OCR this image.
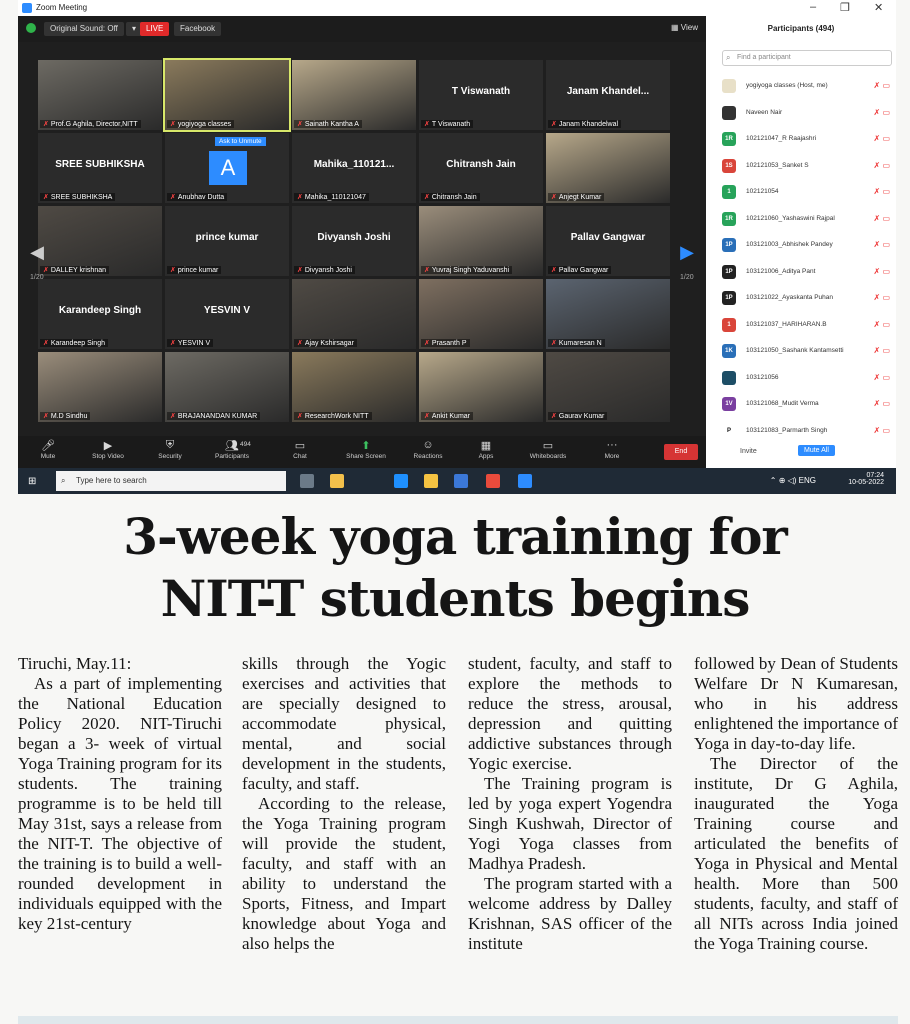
Zoom Meeting	– ❐ ✕
Original Sound: Off	▾	LIVE	Facebook	▦ View
✗ Prof.G Aghila, Director,NITT	✗ yogiyoga classes	✗ Sainath Kantha A
T Viswanath
✗ T Viswanath
Janam Khandel...
✗ Janam Khandelwal
SREE SUBHIKSHA
✗ SREE SUBHIKSHA
A
Ask to Unmute
✗ Anubhav Dutta
Mahika_110121...
✗ Mahika_110121047
Chitransh Jain
✗ Chitransh Jain	✗ Anjegt Kumar
✗ DALLEY krishnan
prince kumar
✗ prince kumar
Divyansh Joshi
✗ Divyansh Joshi	✗ Yuvraj Singh Yaduvanshi
Pallav Gangwar
✗ Pallav Gangwar
Karandeep Singh
✗ Karandeep Singh
YESVIN V
✗ YESVIN V	✗ Ajay Kshirsagar	✗ Prasanth P	✗ Kumaresan N
✗ M.D Sindhu	✗ BRAJANANDAN KUMAR	✗ ResearchWork NITT	✗ Ankit Kumar	✗ Gaurav Kumar
◀
1/20
▶
1/20
🎤︎
Mute
▶
Stop Video
⛨
Security
👥︎ 494
Participants
▭
Chat
⬆
Share Screen
☺
Reactions
▦
Apps
▭
Whiteboards
···
More
End
Participants (494)
⌕ Find a participant
yogiyoga classes (Host, me)	✗ ▭
Naveen Nair	✗ ▭
1R	102121047_R Raajashri	✗ ▭
1S	102121053_Sanket S	✗ ▭
1	102121054	✗ ▭
1R	102121060_Yashaswini Rajpal	✗ ▭
1P	103121003_Abhishek Pandey	✗ ▭
1P	103121006_Aditya Pant	✗ ▭
1P	103121022_Ayaskanta Puhan	✗ ▭
1	103121037_HARIHARAN.B	✗ ▭
1K	103121050_Sashank Kantamsetti	✗ ▭
103121056	✗ ▭
1V	103121068_Mudit Verma	✗ ▭
P	103121083_Parmarth Singh	✗ ▭
Invite	Mute All
⊞	⌕ Type here to search	⌃ ⊕ ◁) ENG
07:24
10-05-2022
3-week yoga training for
NIT-T students begins

Tiruchi, May.11:

As a part of implementing the National Education Policy 2020. NIT-Tiruchi began a 3- week of virtual Yoga Training program for its students. The training programme is to be held till May 31st, says a release from the NIT-T. The objective of the training is to build a well-rounded development in individuals equipped with the key 21st-century

skills through the Yogic exercises and activities that are specially designed to accommodate physical, mental, and social development in the students, faculty, and staff.

According to the release, the Yoga Training program will provide the student, faculty, and staff with an ability to understand the Sports, Fitness, and Impart knowledge about Yoga and also helps the

student, faculty, and staff to explore the methods to reduce the stress, arousal, depression and quitting addictive substances through Yogic exercise.

The Training program is led by yoga expert Yogendra Singh Kushwah, Director of Yogi Yoga classes from Madhya Pradesh.

The program started with a welcome address by Dalley Krishnan, SAS officer of the institute

followed by Dean of Students Welfare Dr N Kumaresan, who in his address enlightened the importance of Yoga in day-to-day life.

The Director of the institute, Dr G Aghila, inaugurated the Yoga Training course and articulated the benefits of Yoga in Physical and Mental health. More than 500 students, faculty, and staff of all NITs across India joined the Yoga Training course.
